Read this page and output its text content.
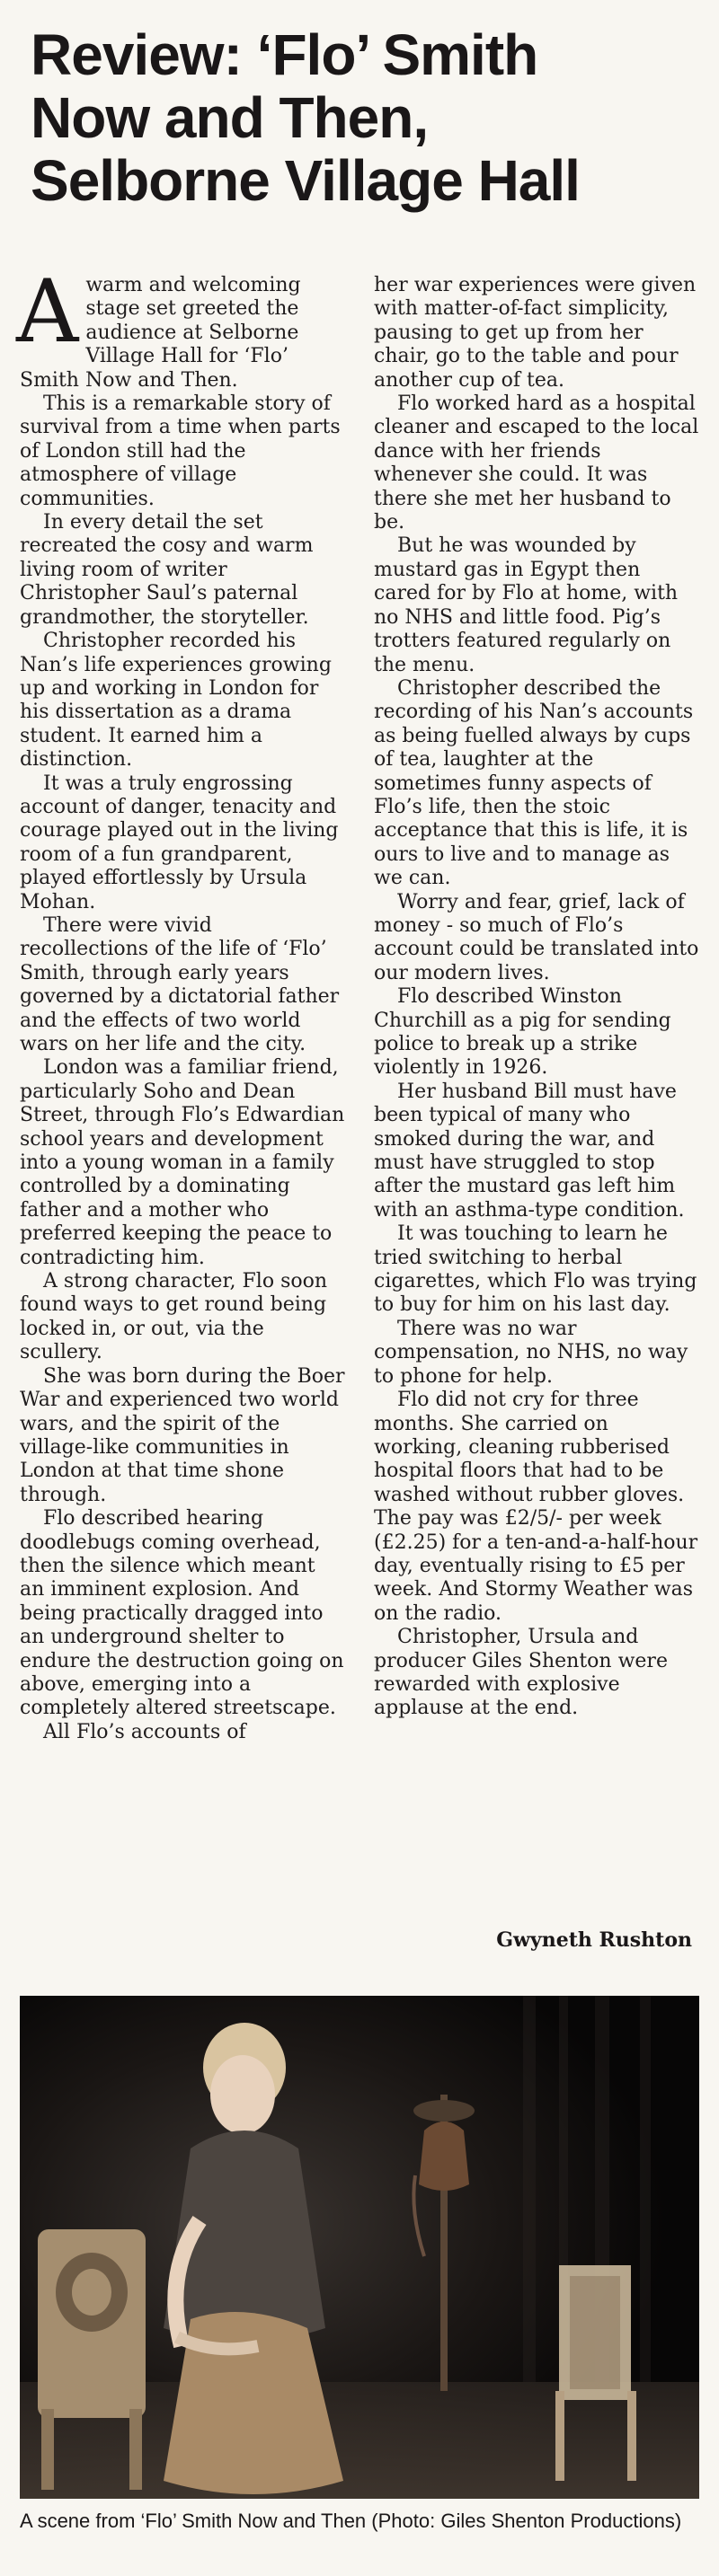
Review: ‘Flo’ Smith
Now and Then,
Selborne Village Hall

Awarm and welcoming stage set greeted the audience at Selborne Village Hall for ‘Flo’ Smith Now and Then.

This is a remarkable story of survival from a time when parts of London still had the atmosphere of village communities.

In every detail the set recreated the cosy and warm living room of writer Christopher Saul’s paternal grandmother, the storyteller.

Christopher recorded his Nan’s life experiences growing up and working in London for his dissertation as a drama student. It earned him a distinction.

It was a truly engrossing account of danger, tenacity and courage played out in the living room of a fun grandparent, played effortlessly by Ursula Mohan.

There were vivid recollections of the life of ‘Flo’ Smith, through early years governed by a dictatorial father and the effects of two world wars on her life and the city.

London was a familiar friend, particularly Soho and Dean Street, through Flo’s Edwardian school years and development into a young woman in a family controlled by a dominating father and a mother who preferred keeping the peace to contradicting him.

A strong character, Flo soon found ways to get round being locked in, or out, via the scullery.

She was born during the Boer War and experienced two world wars, and the spirit of the village-like communities in London at that time shone through.

Flo described hearing doodlebugs coming overhead, then the silence which meant an imminent explosion. And being practically dragged into an underground shelter to endure the destruction going on above, emerging into a completely altered streetscape.

All Flo’s accounts of

her war experiences were given with matter-of-fact simplicity, pausing to get up from her chair, go to the table and pour another cup of tea.

Flo worked hard as a hospital cleaner and escaped to the local dance with her friends whenever she could. It was there she met her husband to be.

But he was wounded by mustard gas in Egypt then cared for by Flo at home, with no NHS and little food. Pig’s trotters featured regularly on the menu.

Christopher described the recording of his Nan’s accounts as being fuelled always by cups of tea, laughter at the sometimes funny aspects of Flo’s life, then the stoic acceptance that this is life, it is ours to live and to manage as we can.

Worry and fear, grief, lack of money - so much of Flo’s account could be translated into our modern lives.

Flo described Winston Churchill as a pig for sending police to break up a strike violently in 1926.

Her husband Bill must have been typical of many who smoked during the war, and must have struggled to stop after the mustard gas left him with an asthma-type condition.

It was touching to learn he tried switching to herbal cigarettes, which Flo was trying to buy for him on his last day.

There was no war compensation, no NHS, no way to phone for help.

Flo did not cry for three months. She carried on working, cleaning rubberised hospital floors that had to be washed without rubber gloves. The pay was £2/5/- per week (£2.25) for a ten-and-a-half-hour day, eventually rising to £5 per week. And Stormy Weather was on the radio.

Christopher, Ursula and producer Giles Shenton were rewarded with explosive applause at the end.

Gwyneth Rushton
A scene from ‘Flo’ Smith Now and Then (Photo: Giles Shenton Productions)
